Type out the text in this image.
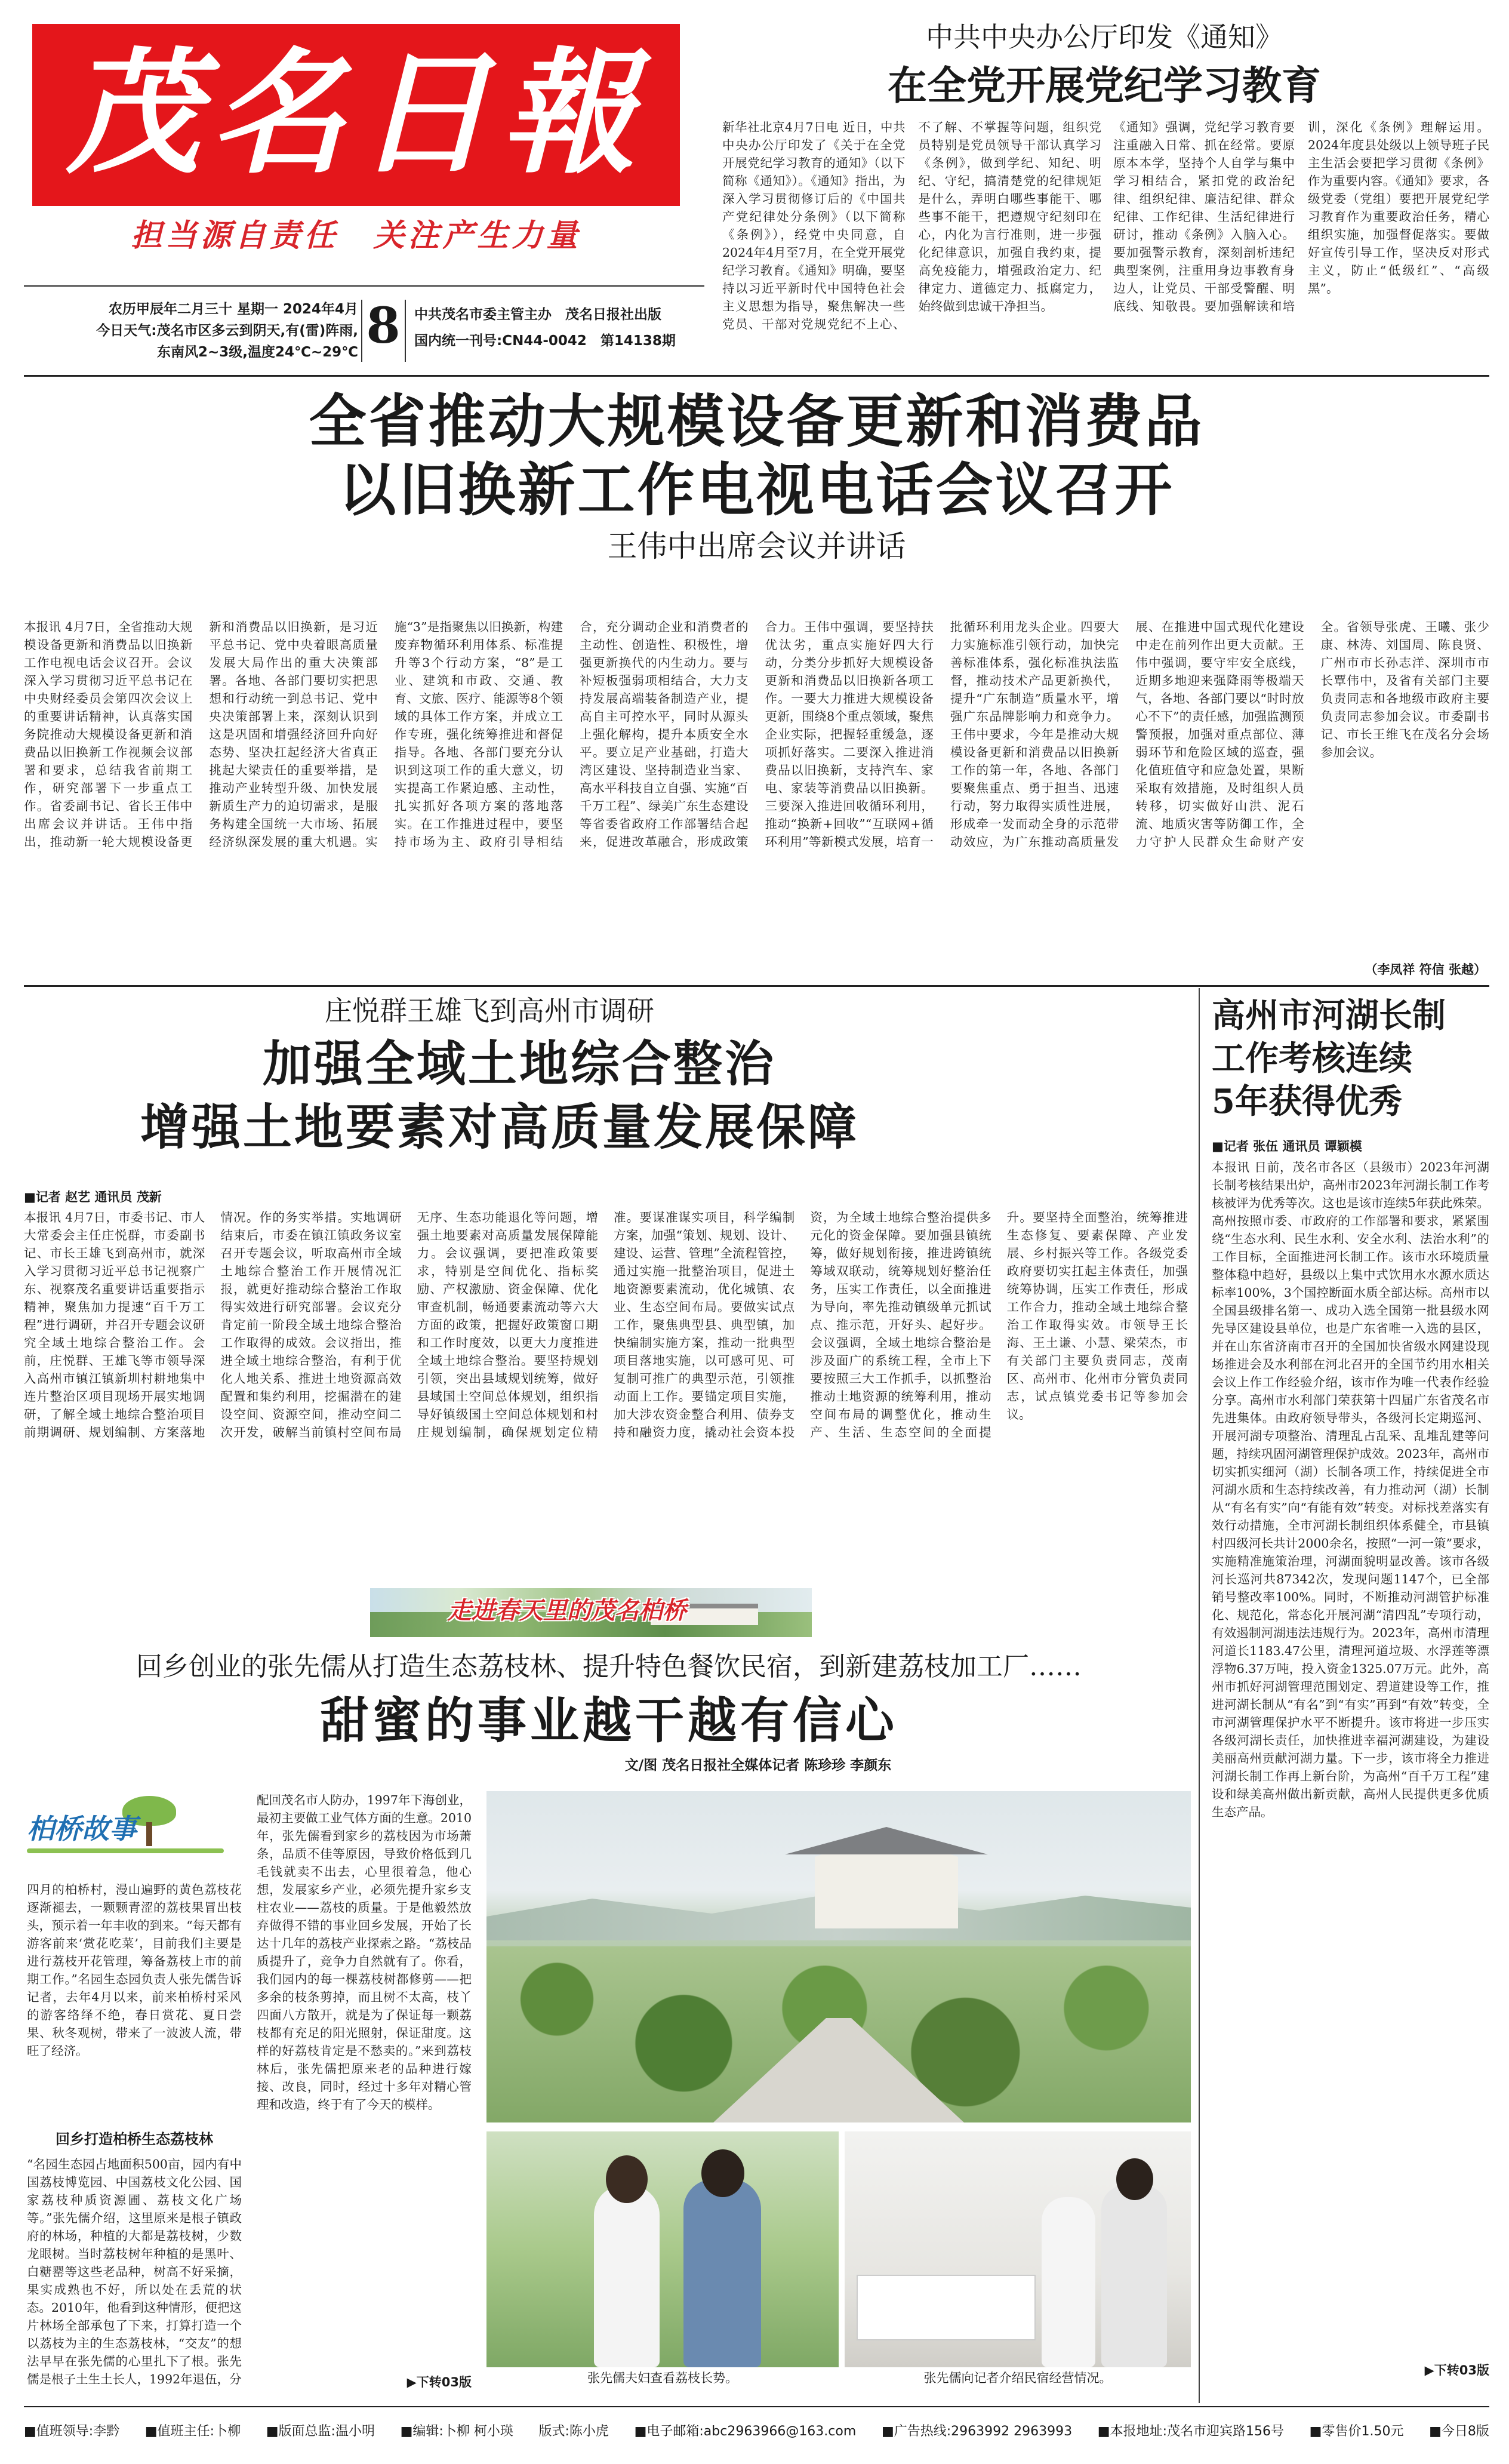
茂名日報
担当源自责任　关注产生力量
农历甲辰年二月三十 星期一 2024年4月
今日天气:茂名市区多云到阴天,有(雷)阵雨,
东南风2~3级,温度24℃~29℃ 8 中共茂名市委主管主办　茂名日报社出版
国内统一刊号:CN44-0042　第14138期
中共中央办公厅印发《通知》
在全党开展党纪学习教育
新华社北京4月7日电 近日，中共中央办公厅印发了《关于在全党开展党纪学习教育的通知》（以下简称《通知》）。《通知》指出，为深入学习贯彻修订后的《中国共产党纪律处分条例》（以下简称《条例》），经党中央同意，自2024年4月至7月，在全党开展党纪学习教育。《通知》明确，要坚持以习近平新时代中国特色社会主义思想为指导，聚焦解决一些党员、干部对党规党纪不上心、不了解、不掌握等问题，组织党员特别是党员领导干部认真学习《条例》，做到学纪、知纪、明纪、守纪，搞清楚党的纪律规矩是什么，弄明白哪些事能干、哪些事不能干，把遵规守纪刻印在心，内化为言行准则，进一步强化纪律意识，加强自我约束，提高免疫能力，增强政治定力、纪律定力、道德定力、抵腐定力，始终做到忠诚干净担当。
《通知》强调，党纪学习教育要注重融入日常、抓在经常。要原原本本学，坚持个人自学与集中学习相结合，紧扣党的政治纪律、组织纪律、廉洁纪律、群众纪律、工作纪律、生活纪律进行研讨，推动《条例》入脑入心。要加强警示教育，深刻剖析违纪典型案例，注重用身边事教育身边人，让党员、干部受警醒、明底线、知敬畏。要加强解读和培训，深化《条例》理解运用。2024年度县处级以上领导班子民主生活会要把学习贯彻《条例》作为重要内容。《通知》要求，各级党委（党组）要把开展党纪学习教育作为重要政治任务，精心组织实施，加强督促落实。要做好宣传引导工作，坚决反对形式主义，防止“低级红”、“高级黑”。
全省推动大规模设备更新和消费品
以旧换新工作电视电话会议召开
王伟中出席会议并讲话
本报讯 4月7日，全省推动大规模设备更新和消费品以旧换新工作电视电话会议召开。会议深入学习贯彻习近平总书记在中央财经委员会第四次会议上的重要讲话精神，认真落实国务院推动大规模设备更新和消费品以旧换新工作视频会议部署和要求，总结我省前期工作，研究部署下一步重点工作。省委副书记、省长王伟中出席会议并讲话。王伟中指出，推动新一轮大规模设备更新和消费品以旧换新，是习近平总书记、党中央着眼高质量发展大局作出的重大决策部署。各地、各部门要切实把思想和行动统一到总书记、党中央决策部署上来，深刻认识到这是巩固和增强经济回升向好态势、坚决扛起经济大省真正挑起大梁责任的重要举措，是推动产业转型升级、加快发展新质生产力的迫切需求，是服务构建全国统一大市场、拓展经济纵深发展的重大机遇。实施“3”是指聚焦以旧换新，构建废弃物循环利用体系、标准提升等3个行动方案，“8”是工业、建筑和市政、交通、教育、文旅、医疗、能源等8个领域的具体工作方案，并成立工作专班，强化统筹推进和督促指导。各地、各部门要充分认识到这项工作的重大意义，切实提高工作紧迫感、主动性，扎实抓好各项方案的落地落实。在工作推进过程中，要坚持市场为主、政府引导相结合，充分调动企业和消费者的主动性、创造性、积极性，增强更新换代的内生动力。要与补短板强弱项相结合，大力支持发展高端装备制造产业，提高自主可控水平，同时从源头上强化解构，提升本质安全水平。要立足产业基础，打造大湾区建设、坚持制造业当家、高水平科技自立自强、实施“百千万工程”、绿美广东生态建设等省委省政府工作部署结合起来，促进改革融合，形成政策合力。王伟中强调，要坚持扶优汰劣，重点实施好四大行动，分类分步抓好大规模设备更新和消费品以旧换新各项工作。一要大力推进大规模设备更新，围绕8个重点领域，聚焦企业实际，把握轻重缓急，逐项抓好落实。二要深入推进消费品以旧换新，支持汽车、家电、家装等消费品以旧换新。三要深入推进回收循环利用，推动“换新+回收”“互联网+循环利用”等新模式发展，培育一批循环利用龙头企业。四要大力实施标准引领行动，加快完善标准体系，强化标准执法监督，推动技术产品更新换代，提升“广东制造”质量水平，增强广东品牌影响力和竞争力。王伟中要求，今年是推动大规模设备更新和消费品以旧换新工作的第一年，各地、各部门要聚焦重点、勇于担当、迅速行动，努力取得实质性进展，形成牵一发而动全身的示范带动效应，为广东推动高质量发展、在推进中国式现代化建设中走在前列作出更大贡献。王伟中强调，要守牢安全底线，近期多地迎来强降雨等极端天气，各地、各部门要以“时时放心不下”的责任感，加强监测预警预报，加强对重点部位、薄弱环节和危险区域的巡查，强化值班值守和应急处置，果断采取有效措施，及时组织人员转移，切实做好山洪、泥石流、地质灾害等防御工作，全力守护人民群众生命财产安全。省领导张虎、王曦、张少康、林涛、刘国周、陈良贤、广州市市长孙志洋、深圳市市长覃伟中，及省有关部门主要负责同志和各地级市政府主要负责同志参加会议。市委副书记、市长王维飞在茂名分会场参加会议。
（李凤祥 符信 张越）
庄悦群王雄飞到高州市调研
加强全域土地综合整治
增强土地要素对高质量发展保障
■记者 赵艺 通讯员 茂新
本报讯 4月7日，市委书记、市人大常委会主任庄悦群，市委副书记、市长王雄飞到高州市，就深入学习贯彻习近平总书记视察广东、视察茂名重要讲话重要指示精神，聚焦加力提速“百千万工程”进行调研，并召开专题会议研究全域土地综合整治工作。会前，庄悦群、王雄飞等市领导深入高州市镇江镇新圳村耕地集中连片整治区项目现场开展实地调研，了解全域土地综合整治项目前期调研、规划编制、方案落地情况。作的务实举措。实地调研结束后，市委在镇江镇政务议室召开专题会议，听取高州市全域土地综合整治工作开展情况汇报，就更好推动综合整治工作取得实效进行研究部署。会议充分肯定前一阶段全域土地综合整治工作取得的成效。会议指出，推进全域土地综合整治，有利于优化人地关系、推进土地资源高效配置和集约利用，挖掘潜在的建设空间、资源空间，推动空间二次开发，破解当前镇村空间布局无序、生态功能退化等问题，增强土地要素对高质量发展保障能力。会议强调，要把准政策要求，特别是空间优化、指标奖励、产权激励、资金保障、优化审查机制，畅通要素流动等六大方面的政策，把握好政策窗口期和工作时度效，以更大力度推进全域土地综合整治。要坚持规划引领，突出县域规划统筹，做好县域国土空间总体规划，组织指导好镇级国土空间总体规划和村庄规划编制，确保规划定位精准。要谋准谋实项目，科学编制方案，加强“策划、规划、设计、建设、运营、管理”全流程管控，通过实施一批整治项目，促进土地资源要素流动，优化城镇、农业、生态空间布局。要做实试点工作，聚焦典型县、典型镇，加快编制实施方案，推动一批典型项目落地实施，以可感可见、可复制可推广的典型示范，引领推动面上工作。要锚定项目实施，加大涉农资金整合利用、债券支持和融资力度，撬动社会资本投资，为全域土地综合整治提供多元化的资金保障。要加强县镇统筹，做好规划衔接，推进跨镇统筹域双联动，统筹规划好整治任务，压实工作责任，以全面推进为导向，率先推动镇级单元抓试点、推示范，开好头、起好步。会议强调，全域土地综合整治是涉及面广的系统工程，全市上下要按照三大工作抓手，以抓整治推动土地资源的统筹利用，推动空间布局的调整优化，推动生产、生活、生态空间的全面提升。要坚持全面整治，统筹推进生态修复、要素保障、产业发展、乡村振兴等工作。各级党委政府要切实扛起主体责任，加强统筹协调，压实工作责任，形成工作合力，推动全域土地综合整治工作取得实效。市领导王长海、王土谦、小慧、梁荣杰，市有关部门主要负责同志，茂南区、高州市、化州市分管负责同志，试点镇党委书记等参加会议。
高州市河湖长制
工作考核连续
5年获得优秀
■记者 张伍 通讯员 谭颖模
本报讯 日前，茂名市各区（县级市）2023年河湖长制考核结果出炉，高州市2023年河湖长制工作考核被评为优秀等次。这也是该市连续5年获此殊荣。高州按照市委、市政府的工作部署和要求，紧紧围绕“生态水利、民生水利、安全水利、法治水利”的工作目标，全面推进河长制工作。该市水环境质量整体稳中趋好，县级以上集中式饮用水水源水质达标率100%，3个国控断面水质全部达标。高州市以全国县级排名第一、成功入选全国第一批县级水网先导区建设县单位，也是广东省唯一入选的县区，并在山东省济南市召开的全国加快省级水网建设现场推进会及水利部在河北召开的全国节约用水相关会议上作工作经验介绍，该市作为唯一代表作经验分享。高州市水利部门荣获第十四届广东省茂名市先进集体。由政府领导带头，各级河长定期巡河、开展河湖专项整治、清理乱占乱采、乱堆乱建等问题，持续巩固河湖管理保护成效。2023年，高州市切实抓实细河（湖）长制各项工作，持续促进全市河湖水质和生态持续改善，有力推动河（湖）长制从“有名有实”向“有能有效”转变。对标找差落实有效行动措施，全市河湖长制组织体系健全，市县镇村四级河长共计2000余名，按照“一河一策”要求，实施精准施策治理，河湖面貌明显改善。该市各级河长巡河共87342次，发现问题1147个，已全部销号整改率100%。同时，不断推动河湖管护标准化、规范化，常态化开展河湖“清四乱”专项行动，有效遏制河湖违法违规行为。2023年，高州市清理河道长1183.47公里，清理河道垃圾、水浮莲等漂浮物6.37万吨，投入资金1325.07万元。此外，高州市抓好河湖管理范围划定、碧道建设等工作，推进河湖长制从“有名”到“有实”再到“有效”转变，全市河湖管理保护水平不断提升。该市将进一步压实各级河湖长责任，加快推进幸福河湖建设，为建设美丽高州贡献河湖力量。下一步，该市将全力推进河湖长制工作再上新台阶，为高州“百千万工程”建设和绿美高州做出新贡献，高州人民提供更多优质生态产品。
▶下转03版
走进春天里的茂名柏桥
回乡创业的张先儒从打造生态荔枝林、提升特色餐饮民宿，到新建荔枝加工厂……
甜蜜的事业越干越有信心
文/图 茂名日报社全媒体记者 陈珍珍 李颜东
柏桥故事
四月的柏桥村，漫山遍野的黄色荔枝花逐渐褪去，一颗颗青涩的荔枝果冒出枝头，预示着一年丰收的到来。“每天都有游客前来‘赏花吃菜’，目前我们主要是进行荔枝开花管理，筹备荔枝上市的前期工作。”名园生态园负责人张先儒告诉记者，去年4月以来，前来柏桥村采风的游客络绎不绝，春日赏花、夏日尝果、秋冬观树，带来了一波波人流，带旺了经济。
回乡打造柏桥生态荔枝林
“名园生态园占地面积500亩，园内有中国荔枝博览园、中国荔枝文化公园、国家荔枝种质资源圃、荔枝文化广场等。”张先儒介绍，这里原来是根子镇政府的林场，种植的大都是荔枝树，少数龙眼树。当时荔枝树年种植的是黑叶、白糖罂等这些老品种，树高不好采摘，果实成熟也不好，所以处在丢荒的状态。2010年，他看到这种情形，便把这片林场全部承包了下来，打算打造一个以荔枝为主的生态荔枝林，“交友”的想法早早在张先儒的心里扎下了根。张先儒是根子土生土长人，1992年退伍，分
配回茂名市人防办，1997年下海创业，最初主要做工业气体方面的生意。2010年，张先儒看到家乡的荔枝因为市场萧条，品质不佳等原因，导致价格低到几毛钱就卖不出去，心里很着急，他心想，发展家乡产业，必须先提升家乡支柱农业——荔枝的质量。于是他毅然放弃做得不错的事业回乡发展，开始了长达十几年的荔枝产业探索之路。“荔枝品质提升了，竞争力自然就有了。你看，我们园内的每一棵荔枝树都修剪——把多余的枝条剪掉，而且树不太高，枝丫四面八方散开，就是为了保证每一颗荔枝都有充足的阳光照射，保证甜度。这样的好荔枝肯定是不愁卖的。”来到荔枝林后，张先儒把原来老的品种进行嫁接、改良，同时，经过十多年对精心管理和改造，终于有了今天的模样。
▶下转03版	张先儒夫妇查看荔枝长势。	张先儒向记者介绍民宿经营情况。
■值班领导:李黔 ■值班主任:卜柳 ■版面总监:温小明 ■编辑:卜柳 柯小瑛 版式:陈小虎 ■电子邮箱:abc2963966@163.com ■广告热线:2963992 2963993 ■本报地址:茂名市迎宾路156号 ■零售价1.50元 ■今日8版
